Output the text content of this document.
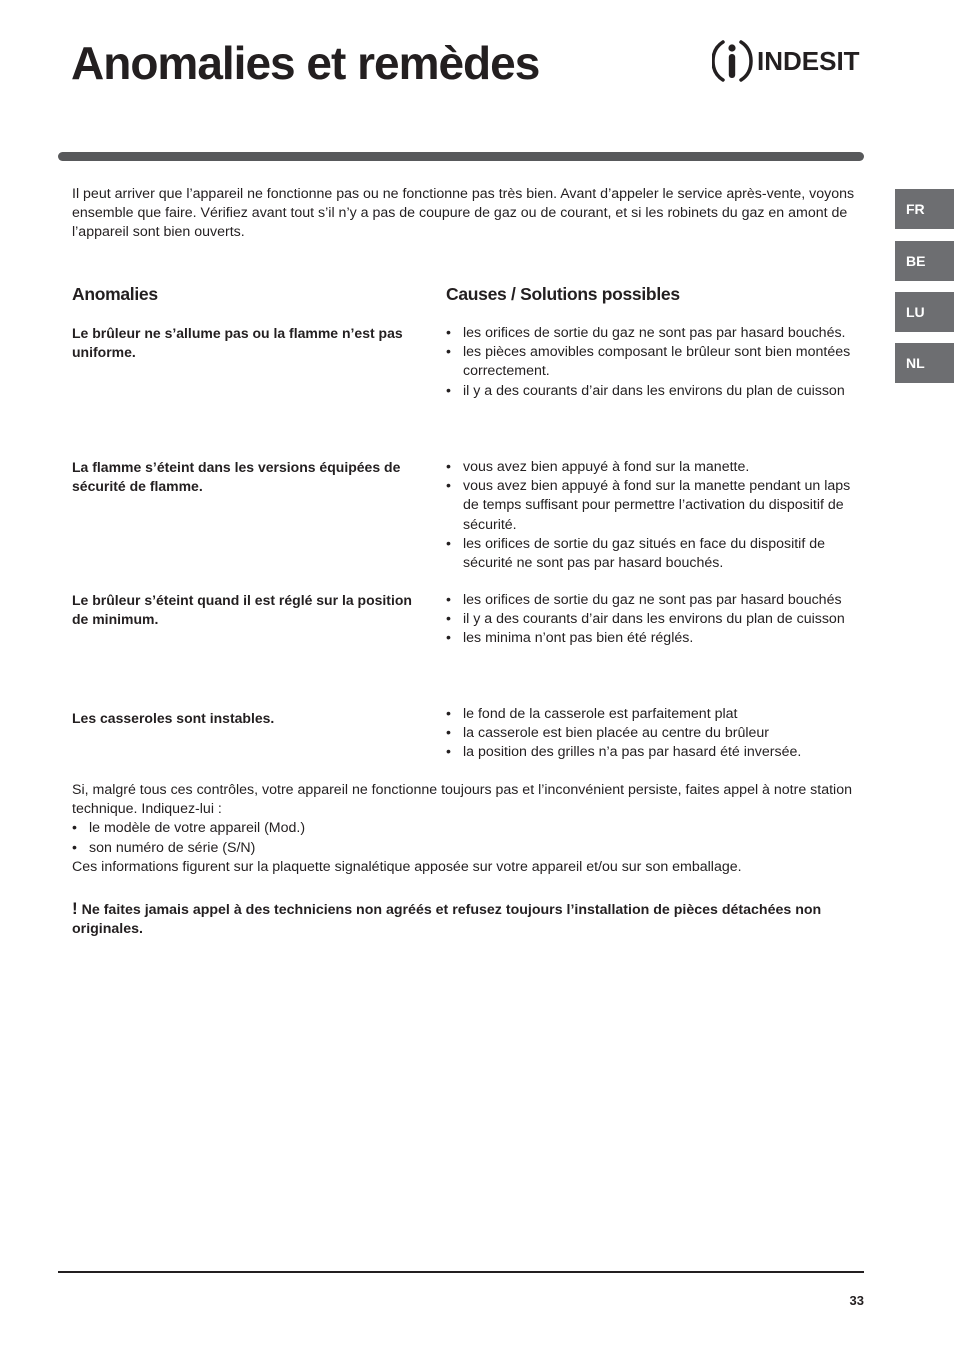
Anomalies et remèdes	INDESIT

Il peut arriver que l’appareil ne fonctionne pas ou ne fonctionne pas très bien. Avant d’appeler le service après-vente, voyons ensemble que faire. Vérifiez avant tout s’il n’y a pas de coupure de gaz ou de courant, et si les robinets du gaz en amont de l’appareil sont bien ouverts.

FR
BE
LU
NL
Anomalies	Causes / Solutions possibles

Le brûleur ne s’allume pas ou la flamme n’est pas uniforme.

• les orifices de sortie du gaz ne sont pas par hasard bouchés.
• les pièces amovibles composant le brûleur sont bien montées correctement.
• il y a des courants d’air dans les environs du plan de cuisson

La flamme s’éteint dans les versions équipées de sécurité de flamme.

• vous avez bien appuyé à fond sur la manette.
• vous avez bien appuyé à fond sur la manette pendant un laps de temps suffisant pour permettre l’activation du dispositif de sécurité.
• les orifices de sortie du gaz situés en face du dispositif de sécurité ne sont pas par hasard bouchés.

Le brûleur s’éteint quand il est réglé sur la position de minimum.

• les orifices de sortie du gaz ne sont pas par hasard bouchés
• il y a des courants d’air dans les environs du plan de cuisson
• les minima n’ont pas bien été réglés.

Les casseroles sont instables.

•	le fond de la casserole est parfaitement plat
• la casserole est bien placée au centre du brûleur
• la position des grilles n’a pas par hasard été inversée.

Si, malgré tous ces contrôles, votre appareil ne fonctionne toujours pas et l’inconvénient persiste, faites appel à notre station technique. Indiquez-lui :

• le modèle de votre appareil (Mod.)
• son numéro de série (S/N)

Ces informations figurent sur la plaquette signalétique apposée sur votre appareil et/ou sur son emballage.

! Ne faites jamais appel à des techniciens non agréés et refusez toujours l’installation de pièces détachées non originales.

33
